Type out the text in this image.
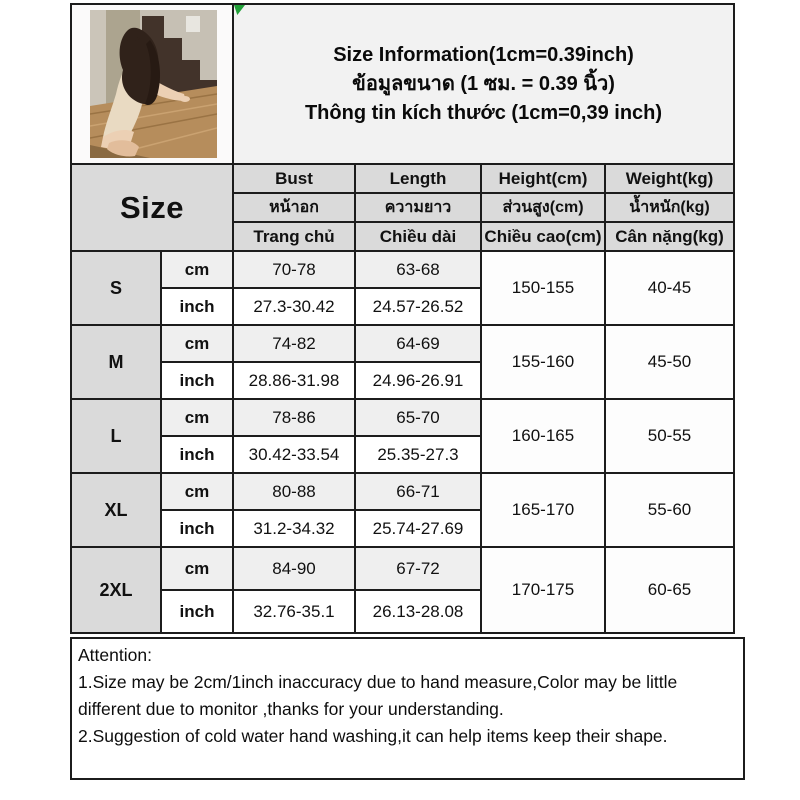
Size Information(1cm=0.39inch)
ข้อมูลขนาด (1 ซม. = 0.39 นิ้ว)
Thông tin kích thước (1cm=0,39 inch)			

Size		Bust	Length	Height(cm)	Weight(kg)
		หน้าอก	ความยาว	ส่วนสูง(cm)	น้ำหนัก(kg)
		Trang chủ	Chiều dài	Chiều cao(cm)	Cân nặng(kg)
S	cm	70-78	63-68	150-155	40-45
	inch	27.3-30.42	24.57-26.52		
M	cm	74-82	64-69	155-160	45-50
	inch	28.86-31.98	24.96-26.91		
L	cm	78-86	65-70	160-165	50-55
	inch	30.42-33.54	25.35-27.3		
XL	cm	80-88	66-71	165-170	55-60
	inch	31.2-34.32	25.74-27.69		
2XL	cm	84-90	67-72	170-175	60-65
	inch	32.76-35.1	26.13-28.08		
Attention:
1.Size may be 2cm/1inch inaccuracy due to hand measure,Color may be little different due to monitor ,thanks for your understanding.
2.Suggestion of cold water hand washing,it can help items keep their shape.
